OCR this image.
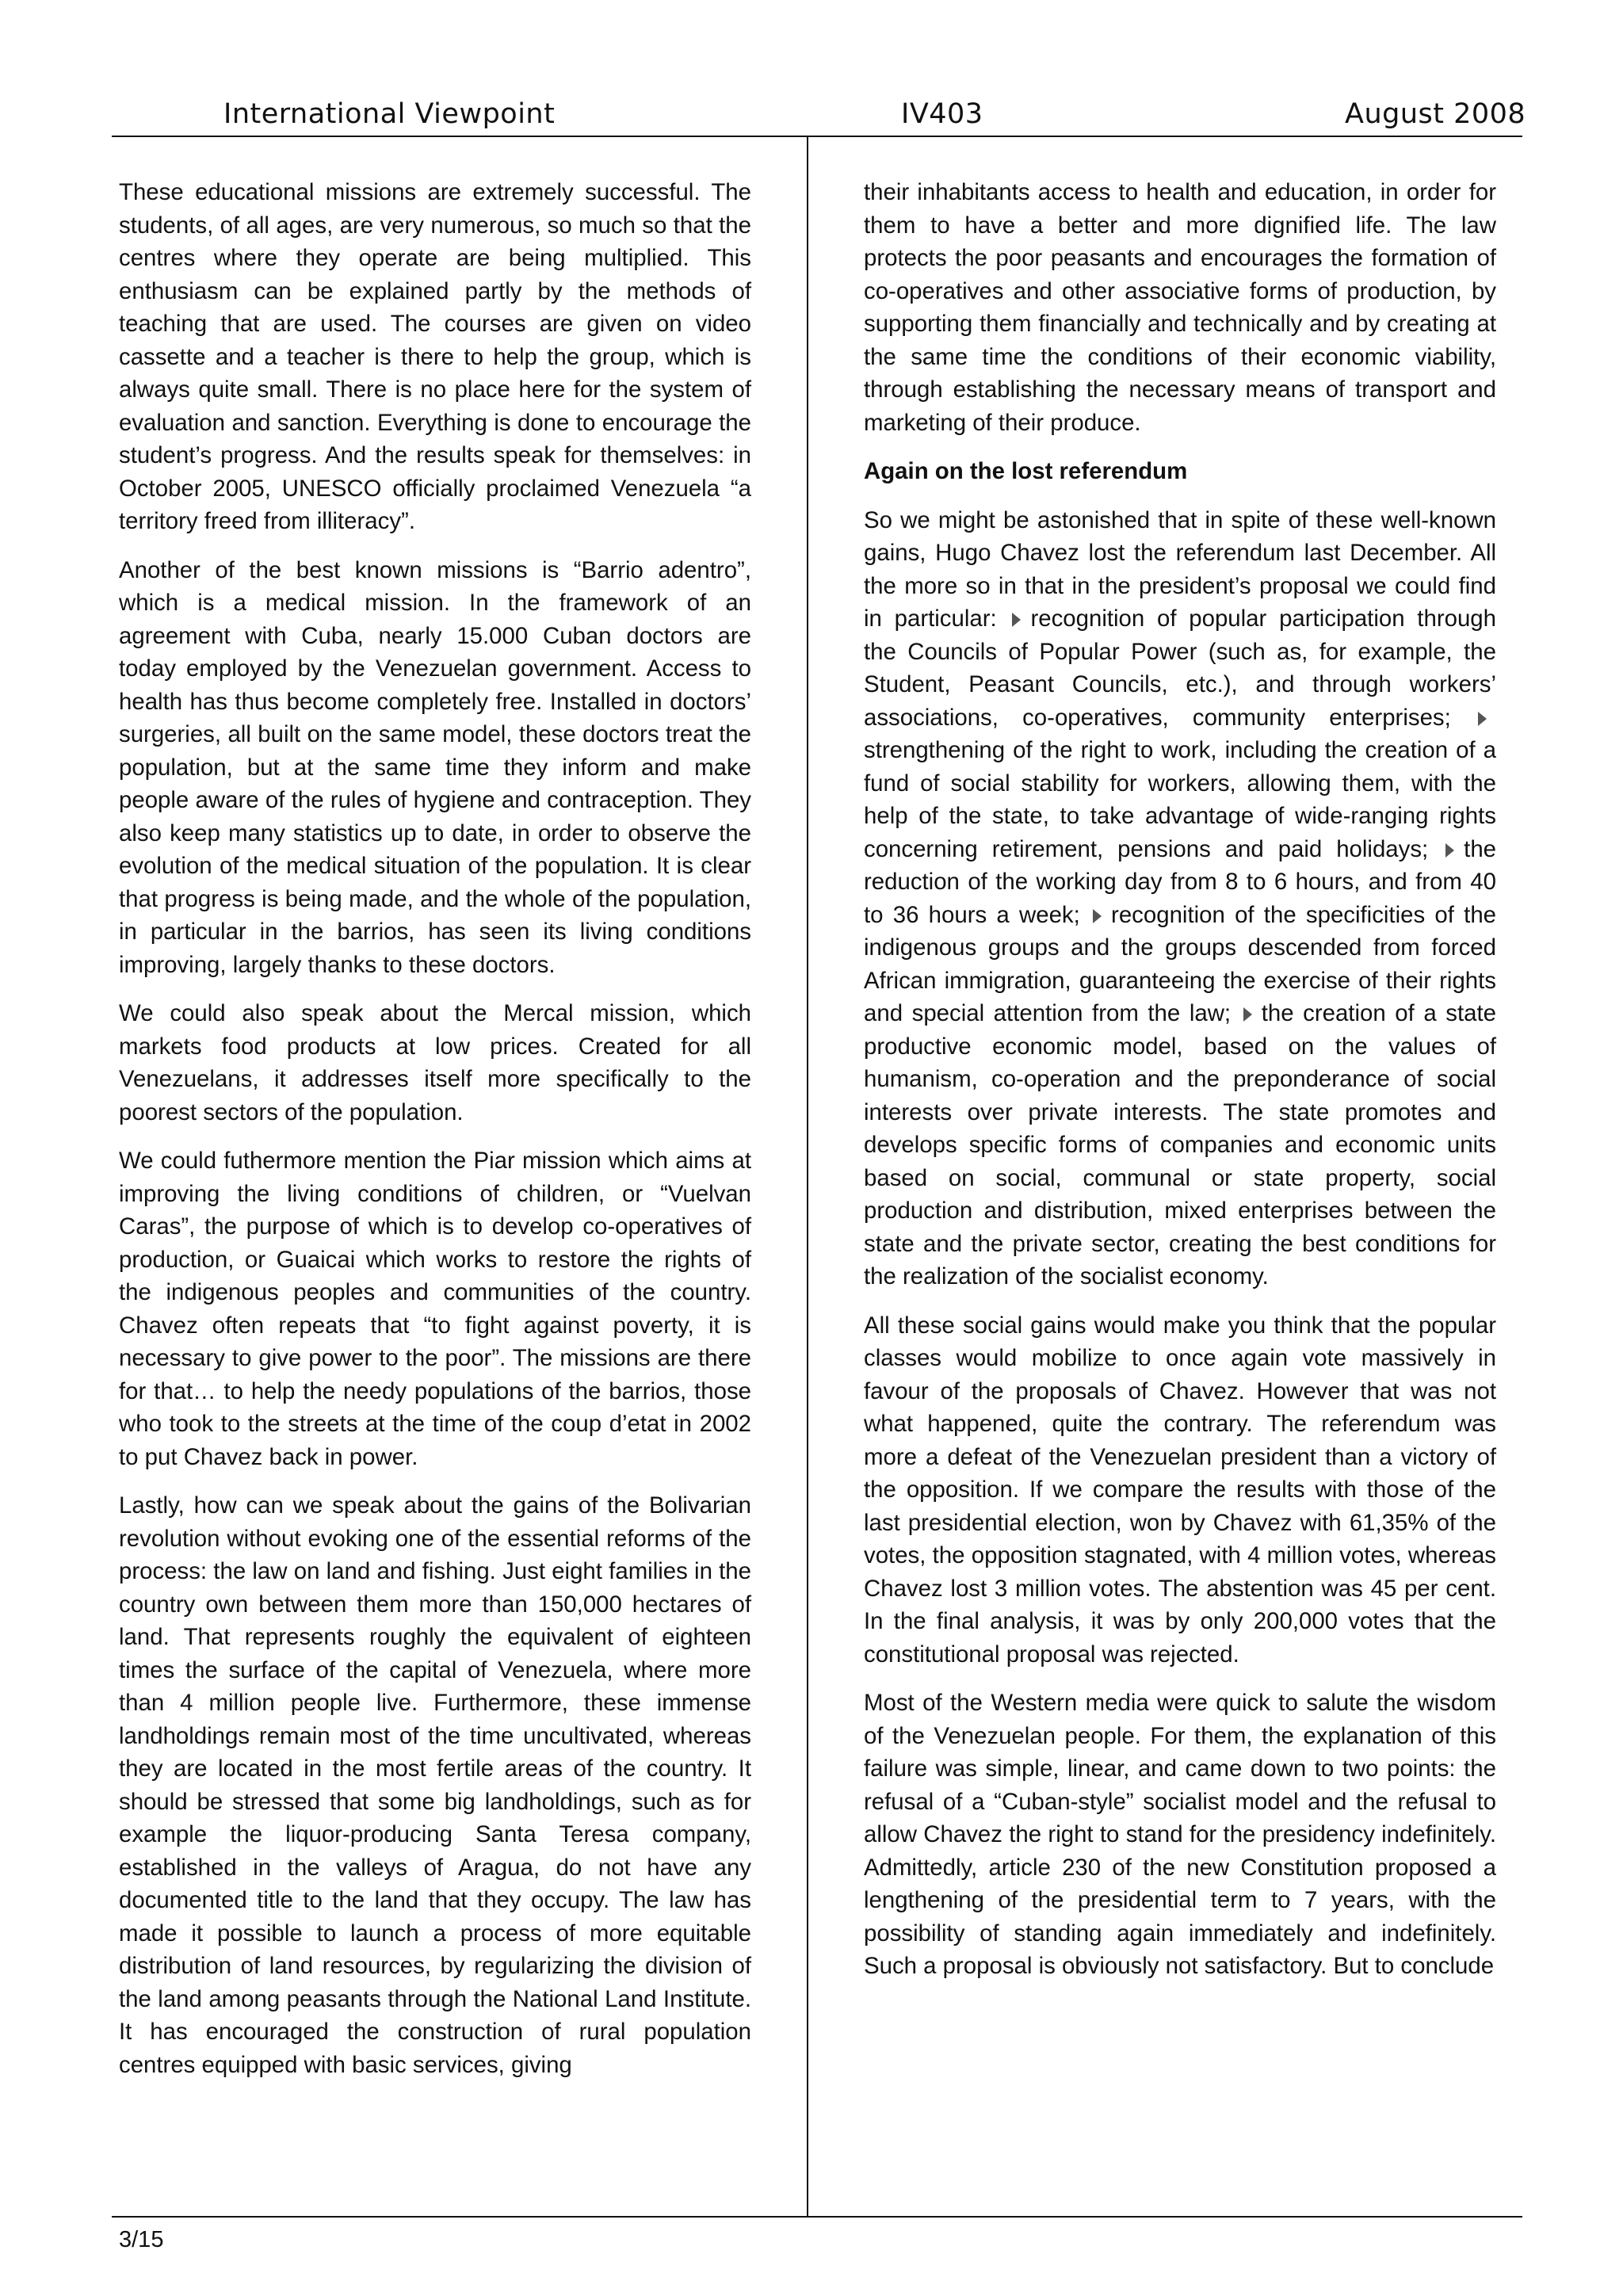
International Viewpoint	IV403	August 2008

These educational missions are extremely successful. The students, of all ages, are very numerous, so much so that the centres where they operate are being multiplied. This enthusiasm can be explained partly by the methods of teaching that are used. The courses are given on video cassette and a teacher is there to help the group, which is always quite small. There is no place here for the system of evaluation and sanction. Everything is done to encourage the student’s progress. And the results speak for themselves: in October 2005, UNESCO officially proclaimed Venezuela “a territory freed from illiteracy”.

Another of the best known missions is “Barrio adentro”, which is a medical mission. In the framework of an agreement with Cuba, nearly 15.000 Cuban doctors are today employed by the Venezuelan government. Access to health has thus become completely free. Installed in doctors’ surgeries, all built on the same model, these doctors treat the population, but at the same time they inform and make people aware of the rules of hygiene and contraception. They also keep many statistics up to date, in order to observe the evolution of the medical situation of the population. It is clear that progress is being made, and the whole of the population, in particular in the barrios, has seen its living conditions improving, largely thanks to these doctors.

We could also speak about the Mercal mission, which markets food products at low prices. Created for all Venezuelans, it addresses itself more specifically to the poorest sectors of the population.

We could futhermore mention the Piar mission which aims at improving the living conditions of children, or “Vuelvan Caras”, the purpose of which is to develop co-operatives of production, or Guaicai which works to restore the rights of the indigenous peoples and communities of the country. Chavez often repeats that “to fight against poverty, it is necessary to give power to the poor”. The missions are there for that… to help the needy populations of the barrios, those who took to the streets at the time of the coup d’etat in 2002 to put Chavez back in power.

Lastly, how can we speak about the gains of the Bolivarian revolution without evoking one of the essential reforms of the process: the law on land and fishing. Just eight families in the country own between them more than 150,000 hectares of land. That represents roughly the equivalent of eighteen times the surface of the capital of Venezuela, where more than 4 million people live. Furthermore, these immense landholdings remain most of the time uncultivated, whereas they are located in the most fertile areas of the country. It should be stressed that some big landholdings, such as for example the liquor-producing Santa Teresa company, established in the valleys of Aragua, do not have any documented title to the land that they occupy. The law has made it possible to launch a process of more equitable distribution of land resources, by regularizing the division of the land among peasants through the National Land Institute. It has encouraged the construction of rural population centres equipped with basic services, giving

their inhabitants access to health and education, in order for them to have a better and more dignified life. The law protects the poor peasants and encourages the formation of co-operatives and other associative forms of production, by supporting them financially and technically and by creating at the same time the conditions of their economic viability, through establishing the necessary means of transport and marketing of their produce.

Again on the lost referendum

So we might be astonished that in spite of these well-known gains, Hugo Chavez lost the referendum last December. All the more so in that in the president’s proposal we could find in particular: recognition of popular participation through the Councils of Popular Power (such as, for example, the Student, Peasant Councils, etc.), and through workers’ associations, co-operatives, community enterprises; strengthening of the right to work, including the creation of a fund of social stability for workers, allowing them, with the help of the state, to take advantage of wide-ranging rights concerning retirement, pensions and paid holidays; the reduction of the working day from 8 to 6 hours, and from 40 to 36 hours a week; recognition of the specificities of the indigenous groups and the groups descended from forced African immigration, guaranteeing the exercise of their rights and special attention from the law; the creation of a state productive economic model, based on the values of humanism, co-operation and the preponderance of social interests over private interests. The state promotes and develops specific forms of companies and economic units based on social, communal or state property, social production and distribution, mixed enterprises between the state and the private sector, creating the best conditions for the realization of the socialist economy.

All these social gains would make you think that the popular classes would mobilize to once again vote massively in favour of the proposals of Chavez. However that was not what happened, quite the contrary. The referendum was more a defeat of the Venezuelan president than a victory of the opposition. If we compare the results with those of the last presidential election, won by Chavez with 61,35% of the votes, the opposition stagnated, with 4 million votes, whereas Chavez lost 3 million votes. The abstention was 45 per cent. In the final analysis, it was by only 200,000 votes that the constitutional proposal was rejected.

Most of the Western media were quick to salute the wisdom of the Venezuelan people. For them, the explanation of this failure was simple, linear, and came down to two points: the refusal of a “Cuban-style” socialist model and the refusal to allow Chavez the right to stand for the presidency indefinitely. Admittedly, article 230 of the new Constitution proposed a lengthening of the presidential term to 7 years, with the possibility of standing again immediately and indefinitely. Such a proposal is obviously not satisfactory. But to conclude

3/15
